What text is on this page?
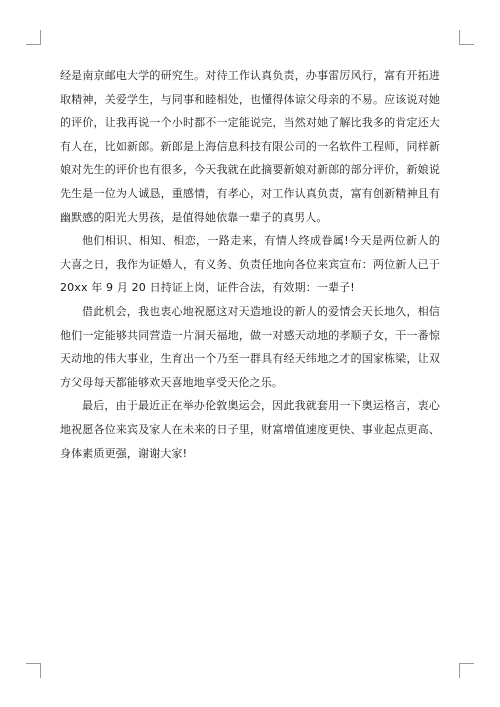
经是南京邮电大学的研究生。对待工作认真负责，办事雷厉风行，富有开拓进取精神，关爱学生，与同事和睦相处，也懂得体谅父母亲的不易。应该说对她的评价，让我再说一个小时都不一定能说完，当然对她了解比我多的肯定还大有人在，比如新郎。新郎是上海信息科技有限公司的一名软件工程师，同样新娘对先生的评价也有很多，今天我就在此摘要新娘对新郎的部分评价，新娘说先生是一位为人诚恳，重感情，有孝心，对工作认真负责，富有创新精神且有幽默感的阳光大男孩，是值得她依靠一辈子的真男人。

他们相识、相知、相恋，一路走来，有情人终成眷属!今天是两位新人的大喜之日，我作为证婚人，有义务、负责任地向各位来宾宣布：两位新人已于 20xx 年 9 月 20 日持证上岗，证件合法，有效期：一辈子!

借此机会，我也衷心地祝愿这对天造地设的新人的爱情会天长地久，相信他们一定能够共同营造一片洞天福地，做一对感天动地的孝顺子女，干一番惊天动地的伟大事业，生育出一个乃至一群具有经天纬地之才的国家栋梁，让双方父母每天都能够欢天喜地地享受天伦之乐。

最后，由于最近正在举办伦敦奥运会，因此我就套用一下奥运格言，衷心地祝愿各位来宾及家人在未来的日子里，财富增值速度更快、事业起点更高、身体素质更强，谢谢大家!
